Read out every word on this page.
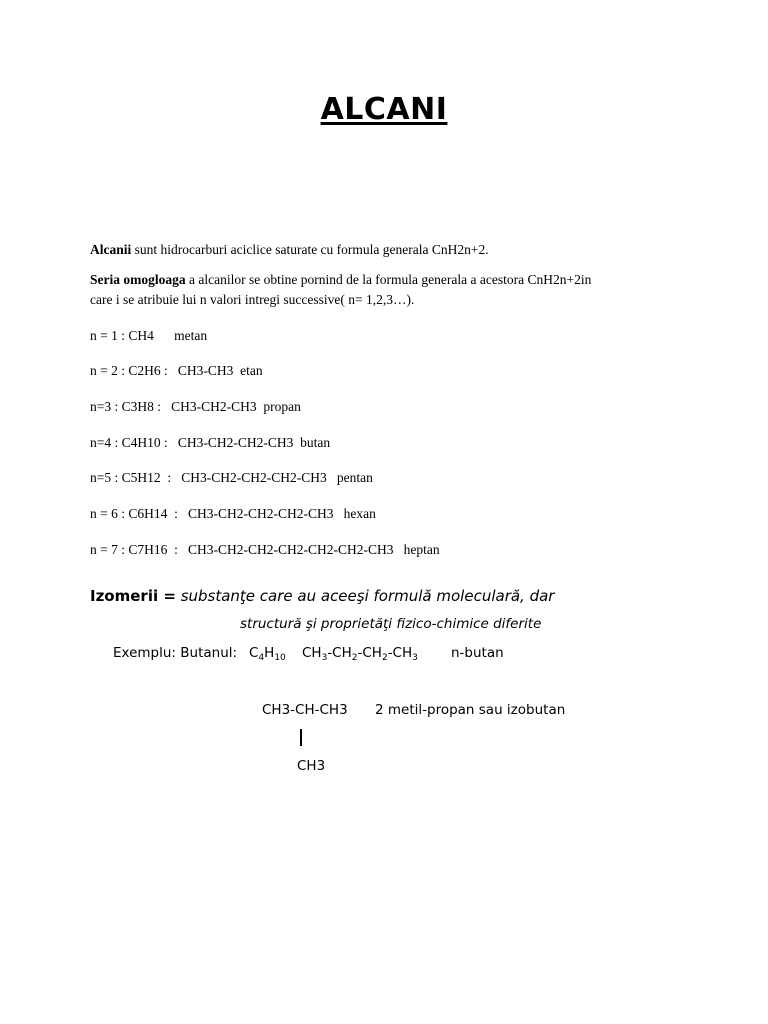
ALCANI
Alcanii sunt hidrocarburi aciclice saturate cu formula generala CnH2n+2.
Seria omogloaga a alcanilor se obtine pornind de la formula generala a acestora CnH2n+2in
care i se atribuie lui n valori intregi successive( n= 1,2,3…).
n = 1 : CH4      metan
n = 2 : C2H6 :   CH3-CH3  etan
n=3 : C3H8 :   CH3-CH2-CH3  propan
n=4 : C4H10 :   CH3-CH2-CH2-CH3  butan
n=5 : C5H12  :   CH3-CH2-CH2-CH2-CH3   pentan
n = 6 : C6H14  :   CH3-CH2-CH2-CH2-CH3   hexan
n = 7 : C7H16  :   CH3-CH2-CH2-CH2-CH2-CH2-CH3   heptan
Izomerii = substanţe care au aceeşi formulă moleculară, dar
structură şi proprietăţi fizico-chimice diferite
Exemplu: Butanul: $C_4H_{10}$ $CH_3-CH_2-CH_2-CH_3$ n-butan
CH3-CH-CH3 2 metil-propan sau izobutan
CH3
